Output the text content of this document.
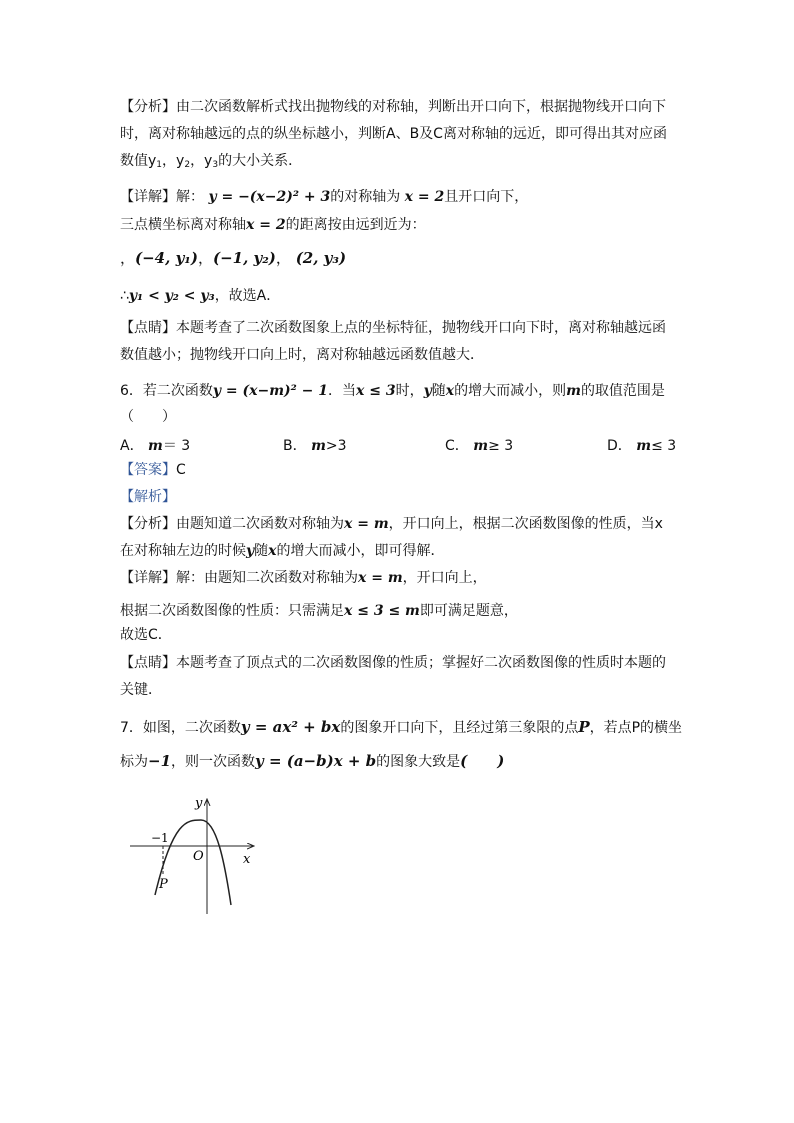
【分析】由二次函数解析式找出抛物线的对称轴，判断出开口向下，根据抛物线开口向下
时，离对称轴越远的点的纵坐标越小，判断A、B及C离对称轴的远近，即可得出其对应函
数值$y_1$，$y_2$，$y_3$的大小关系．
【详解】解： y = −(x−2)² + 3的对称轴为 x = 2且开口向下，
三点横坐标离对称轴x = 2的距离按由远到近为：
，(−4, y₁)，(−1, y₂)， (2, y₃)
∴y₁ < y₂ < y₃，故选A．
【点睛】本题考查了二次函数图象上点的坐标特征，抛物线开口向下时，离对称轴越远函
数值越小；抛物线开口向上时，离对称轴越远函数值越大．
6．若二次函数y = (x−m)² − 1．当x ≤ 3时，y随x的增大而减小，则m的取值范围是
（　　）
A． m＝ 3	B． m>3	C． m≥ 3	D． m≤ 3
【答案】C
【解析】
【分析】由题知道二次函数对称轴为x = m，开口向上，根据二次函数图像的性质，当x
在对称轴左边的时候y随x的增大而减小，即可得解．
【详解】解：由题知二次函数对称轴为x = m，开口向上，
根据二次函数图像的性质：只需满足x ≤ 3 ≤ m即可满足题意，
故选C．
【点睛】本题考查了顶点式的二次函数图像的性质；掌握好二次函数图像的性质时本题的
关键．
7．如图，二次函数y = ax² + bx的图象开口向下，且经过第三象限的点P，若点P的横坐
标为−1，则一次函数y = (a−b)x + b的图象大致是(　　)
x
y
O
−1
P
